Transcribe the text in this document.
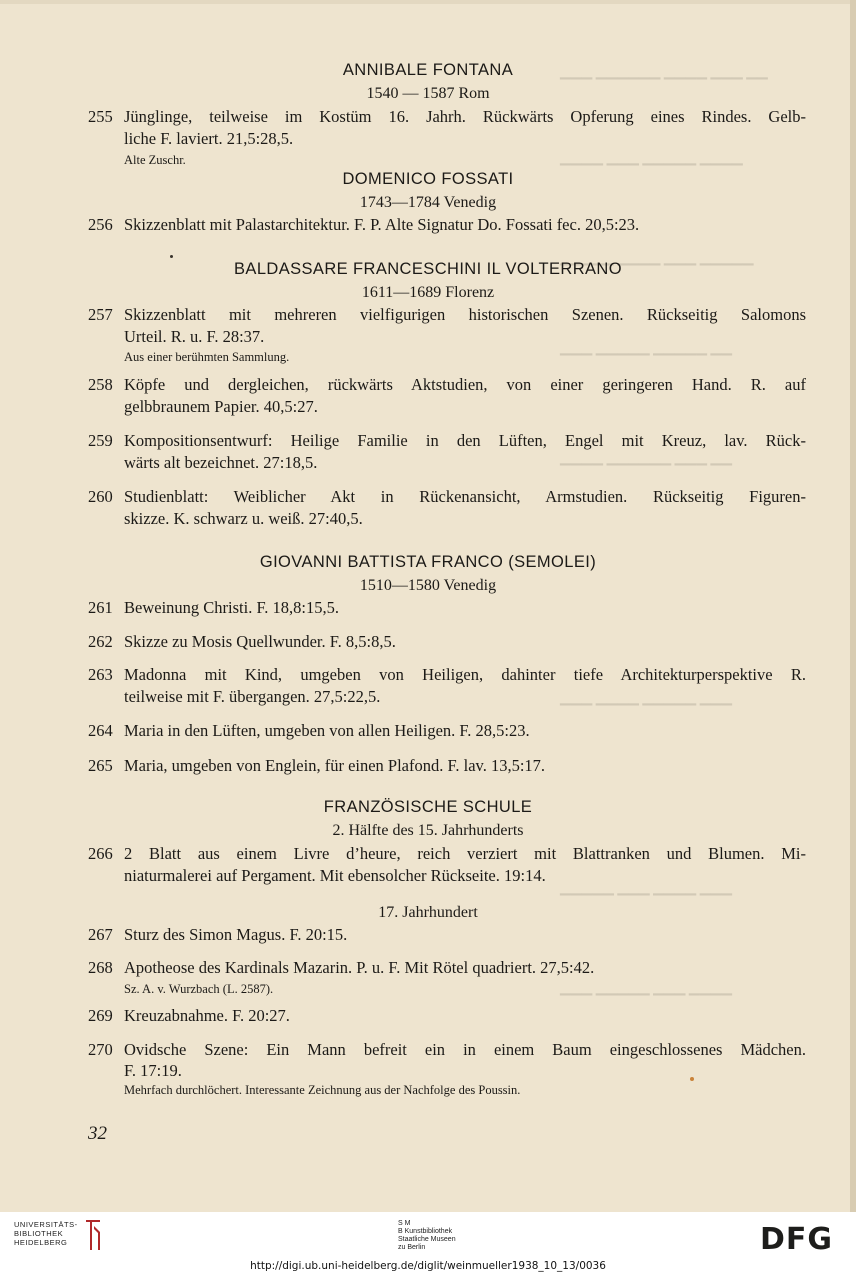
▁▁▁ ▁▁▁▁▁▁ ▁▁▁▁ ▁▁▁ ▁▁
▁▁▁▁ ▁▁▁ ▁▁▁▁▁ ▁▁▁▁
▁▁▁▁▁ ▁▁▁▁ ▁▁▁ ▁▁▁▁▁
▁▁▁ ▁▁▁▁▁ ▁▁▁▁▁ ▁▁
▁▁▁▁ ▁▁▁▁▁▁ ▁▁▁ ▁▁
▁▁▁ ▁▁▁▁ ▁▁▁▁▁ ▁▁▁
▁▁▁▁▁ ▁▁▁ ▁▁▁▁ ▁▁▁
▁▁▁ ▁▁▁▁▁ ▁▁▁ ▁▁▁▁
ANNIBALE FONTANA
1540 — 1587 Rom
255 Jünglinge, teilweise im Kostüm 16. Jahrh. Rückwärts Opferung eines Rindes. Gelb-
liche F. laviert. 21,5:28,5.
Alte Zuschr.
DOMENICO FOSSATI
1743—1784 Venedig
256 Skizzenblatt mit Palastarchitektur. F. P. Alte Signatur Do. Fossati fec. 20,5:23.
BALDASSARE FRANCESCHINI IL VOLTERRANO
1611—1689 Florenz
257 Skizzenblatt mit mehreren vielfigurigen historischen Szenen. Rückseitig Salomons
Urteil. R. u. F. 28:37.
Aus einer berühmten Sammlung.
258 Köpfe und dergleichen, rückwärts Aktstudien, von einer geringeren Hand. R. auf
gelbbraunem Papier. 40,5:27.
259 Kompositionsentwurf: Heilige Familie in den Lüften, Engel mit Kreuz, lav. Rück-
wärts alt bezeichnet. 27:18,5.
260 Studienblatt: Weiblicher Akt in Rückenansicht, Armstudien. Rückseitig Figuren-
skizze. K. schwarz u. weiß. 27:40,5.
GIOVANNI BATTISTA FRANCO (SEMOLEI)
1510—1580 Venedig
261 Beweinung Christi. F. 18,8:15,5.
262 Skizze zu Mosis Quellwunder. F. 8,5:8,5.
263 Madonna mit Kind, umgeben von Heiligen, dahinter tiefe Architekturperspektive R.
teilweise mit F. übergangen. 27,5:22,5.
264 Maria in den Lüften, umgeben von allen Heiligen. F. 28,5:23.
265 Maria, umgeben von Englein, für einen Plafond. F. lav. 13,5:17.
FRANZÖSISCHE SCHULE
2. Hälfte des 15. Jahrhunderts
266 2 Blatt aus einem Livre d’heure, reich verziert mit Blattranken und Blumen. Mi-
niaturmalerei auf Pergament. Mit ebensolcher Rückseite. 19:14.
17. Jahrhundert
267 Sturz des Simon Magus. F. 20:15.
268 Apotheose des Kardinals Mazarin. P. u. F. Mit Rötel quadriert. 27,5:42.
Sz. A. v. Wurzbach (L. 2587).
269 Kreuzabnahme. F. 20:27.
270 Ovidsche Szene: Ein Mann befreit ein in einem Baum eingeschlossenes Mädchen.
F. 17:19.
Mehrfach durchlöchert. Interessante Zeichnung aus der Nachfolge des Poussin.
32
UNIVERSITÄTS-
BIBLIOTHEK
HEIDELBERG
S M
B Kunstbibliothek
Staatliche Museen
zu Berlin	DFG
http://digi.ub.uni-heidelberg.de/diglit/weinmueller1938_10_13/0036
